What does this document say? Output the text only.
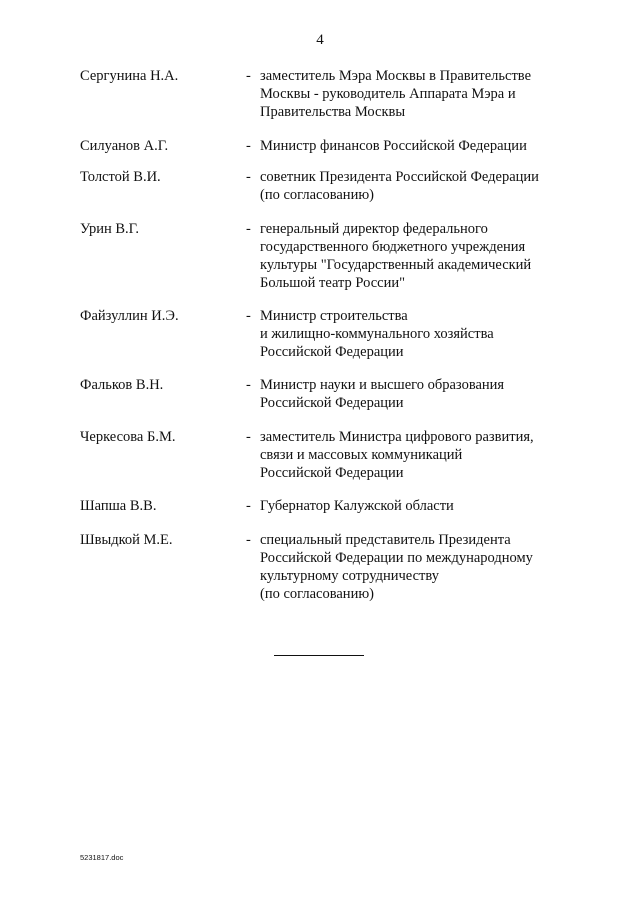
4
Сергунина Н.А.	- заместитель Мэра Москвы в Правительстве
Москвы - руководитель Аппарата Мэра и
Правительства Москвы
Силуанов А.Г.	- Министр финансов Российской Федерации
Толстой В.И.	- советник Президента Российской Федерации
(по согласованию)
Урин В.Г.	- генеральный директор федерального
государственного бюджетного учреждения
культуры "Государственный академический
Большой театр России"
Файзуллин И.Э.	- Министр строительства
и жилищно-коммунального хозяйства
Российской Федерации
Фальков В.Н.	- Министр науки и высшего образования
Российской Федерации
Черкесова Б.М.	- заместитель Министра цифрового развития,
связи и массовых коммуникаций
Российской Федерации
Шапша В.В.	- Губернатор Калужской области
Швыдкой М.Е.	- специальный представитель Президента
Российской Федерации по международному
культурному сотрудничеству
(по согласованию)
5231817.doc
